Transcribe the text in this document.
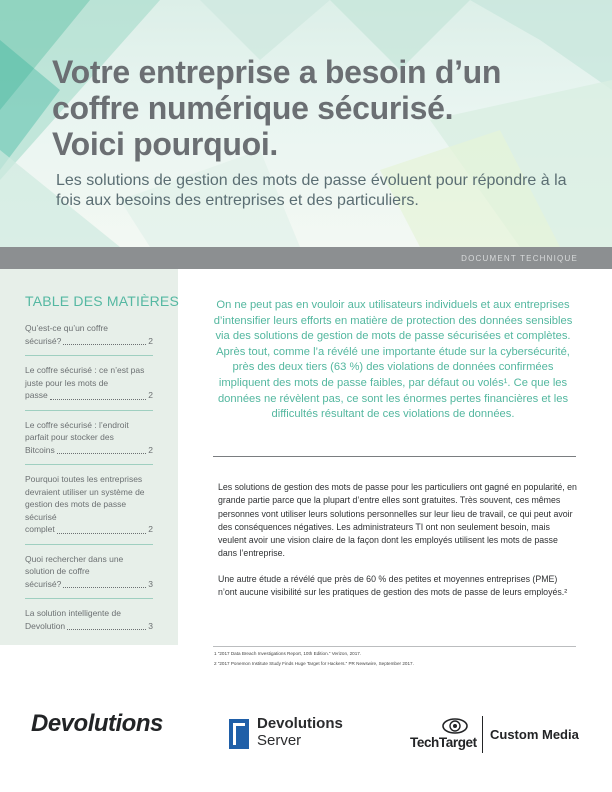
Votre entreprise a besoin d’un
coffre numérique sécurisé.
Voici pourquoi.

Les solutions de gestion des mots de passe évoluent pour répondre à la fois aux besoins des entreprises et des particuliers.

DOCUMENT TECHNIQUE
TABLE DES MATIÈRES
Qu’est-ce qu’un coffre
sécurisé?	2
Le coffre sécurisé : ce n’est pas juste pour les mots de
passe	2
Le coffre sécurisé : l’endroit parfait pour stocker des
Bitcoins	2
Pourquoi toutes les entreprises devraient utiliser un système de gestion des mots de passe sécurisé
complet	2
Quoi rechercher dans une solution de coffre
sécurisé?	3
La solution intelligente de
Devolution	3

On ne peut pas en vouloir aux utilisateurs individuels et aux entreprises d’intensifier leurs efforts en matière de protection des données sensibles via des solutions de gestion de mots de passe sécurisées et complètes. Après tout, comme l’a révélé une importante étude sur la cybersécurité, près des deux tiers (63 %) des violations de données confirmées impliquent des mots de passe faibles, par défaut ou volés¹. Ce que les données ne révèlent pas, ce sont les énormes pertes financières et les difficultés résultant de ces violations de données.

Les solutions de gestion des mots de passe pour les particuliers ont gagné en popularité, en grande partie parce que la plupart d’entre elles sont gratuites. Très souvent, ces mêmes personnes vont utiliser leurs solutions personnelles sur leur lieu de travail, ce qui peut avoir des conséquences négatives. Les administrateurs TI ont non seulement besoin, mais veulent avoir une vision claire de la façon dont les employés utilisent les mots de passe dans l’entreprise.

Une autre étude a révélé que près de 60 % des petites et moyennes entreprises (PME) n’ont aucune visibilité sur les pratiques de gestion des mots de passe de leurs employés.²

1 “2017 Data Breach Investigations Report, 10th Edition.” Verizon, 2017.
2 “2017 Ponemon Institute Study Finds Huge Target for Hackers.” PR Newswire, September 2017.
Devolutions	Devolutions
Server	TechTarget
Custom Media
